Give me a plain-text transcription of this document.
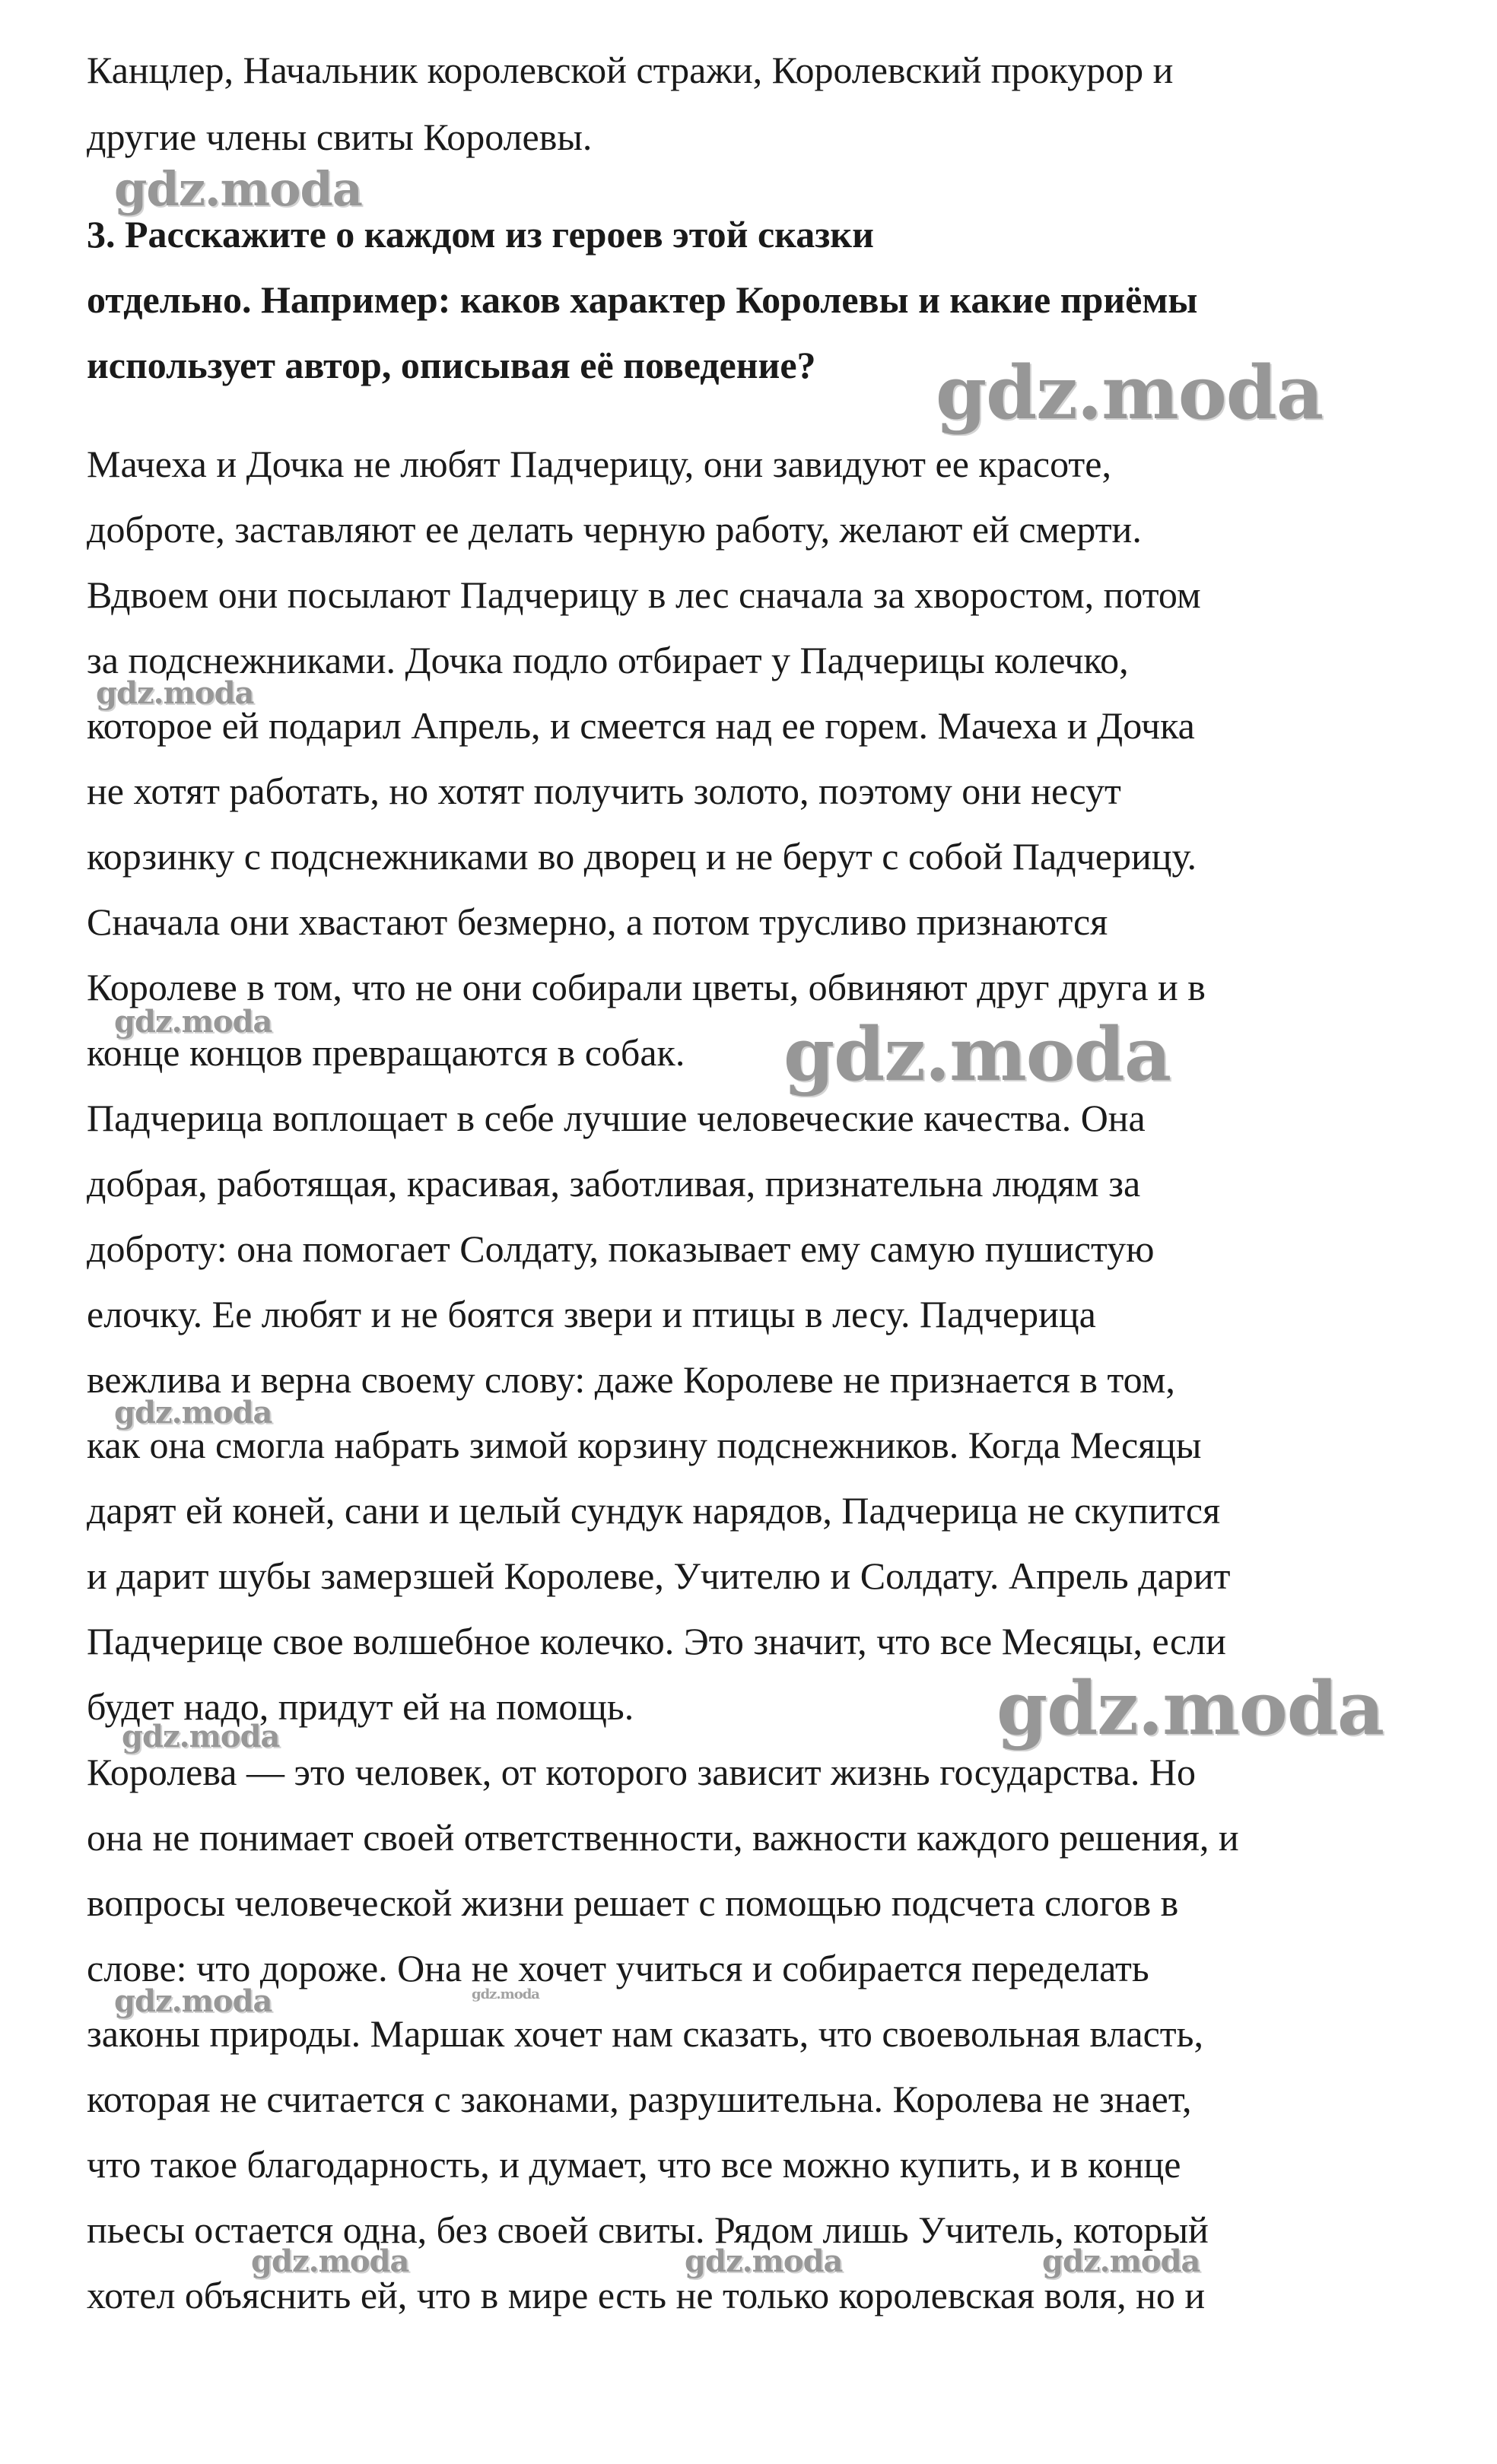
Канцлер, Начальник королевской стражи, Королевский прокурор и
другие члены свиты Королевы.
3. Расскажите о каждом из героев этой сказки
отдельно. Например: каков характер Королевы и какие приёмы
использует автор, описывая её поведение?
Мачеха и Дочка не любят Падчерицу, они завидуют ее красоте,
доброте, заставляют ее делать черную работу, желают ей смерти.
Вдвоем они посылают Падчерицу в лес сначала за хворостом, потом
за подснежниками. Дочка подло отбирает у Падчерицы колечко,
которое ей подарил Апрель, и смеется над ее горем. Мачеха и Дочка
не хотят работать, но хотят получить золото, поэтому они несут
корзинку с подснежниками во дворец и не берут с собой Падчерицу.
Сначала они хвастают безмерно, а потом трусливо признаются
Королеве в том, что не они собирали цветы, обвиняют друг друга и в
конце концов превращаются в собак.
Падчерица воплощает в себе лучшие человеческие качества. Она
добрая, работящая, красивая, заботливая, признательна людям за
доброту: она помогает Солдату, показывает ему самую пушистую
елочку. Ее любят и не боятся звери и птицы в лесу. Падчерица
вежлива и верна своему слову: даже Королеве не признается в том,
как она смогла набрать зимой корзину подснежников. Когда Месяцы
дарят ей коней, сани и целый сундук нарядов, Падчерица не скупится
и дарит шубы замерзшей Королеве, Учителю и Солдату. Апрель дарит
Падчерице свое волшебное колечко. Это значит, что все Месяцы, если
будет надо, придут ей на помощь.
Королева — это человек, от которого зависит жизнь государства. Но
она не понимает своей ответственности, важности каждого решения, и
вопросы человеческой жизни решает с помощью подсчета слогов в
слове: что дороже. Она не хочет учиться и собирается переделать
законы природы. Маршак хочет нам сказать, что своевольная власть,
которая не считается с законами, разрушительна. Королева не знает,
что такое благодарность, и думает, что все можно купить, и в конце
пьесы остается одна, без своей свиты. Рядом лишь Учитель, который
хотел объяснить ей, что в мире есть не только королевская воля, но и
gdz.moda
gdz.moda
gdz.moda
gdz.moda	gdz.moda
gdz.moda
gdz.moda
gdz.moda
gdz.moda	gdz.moda
gdz.moda	gdz.moda	gdz.moda
